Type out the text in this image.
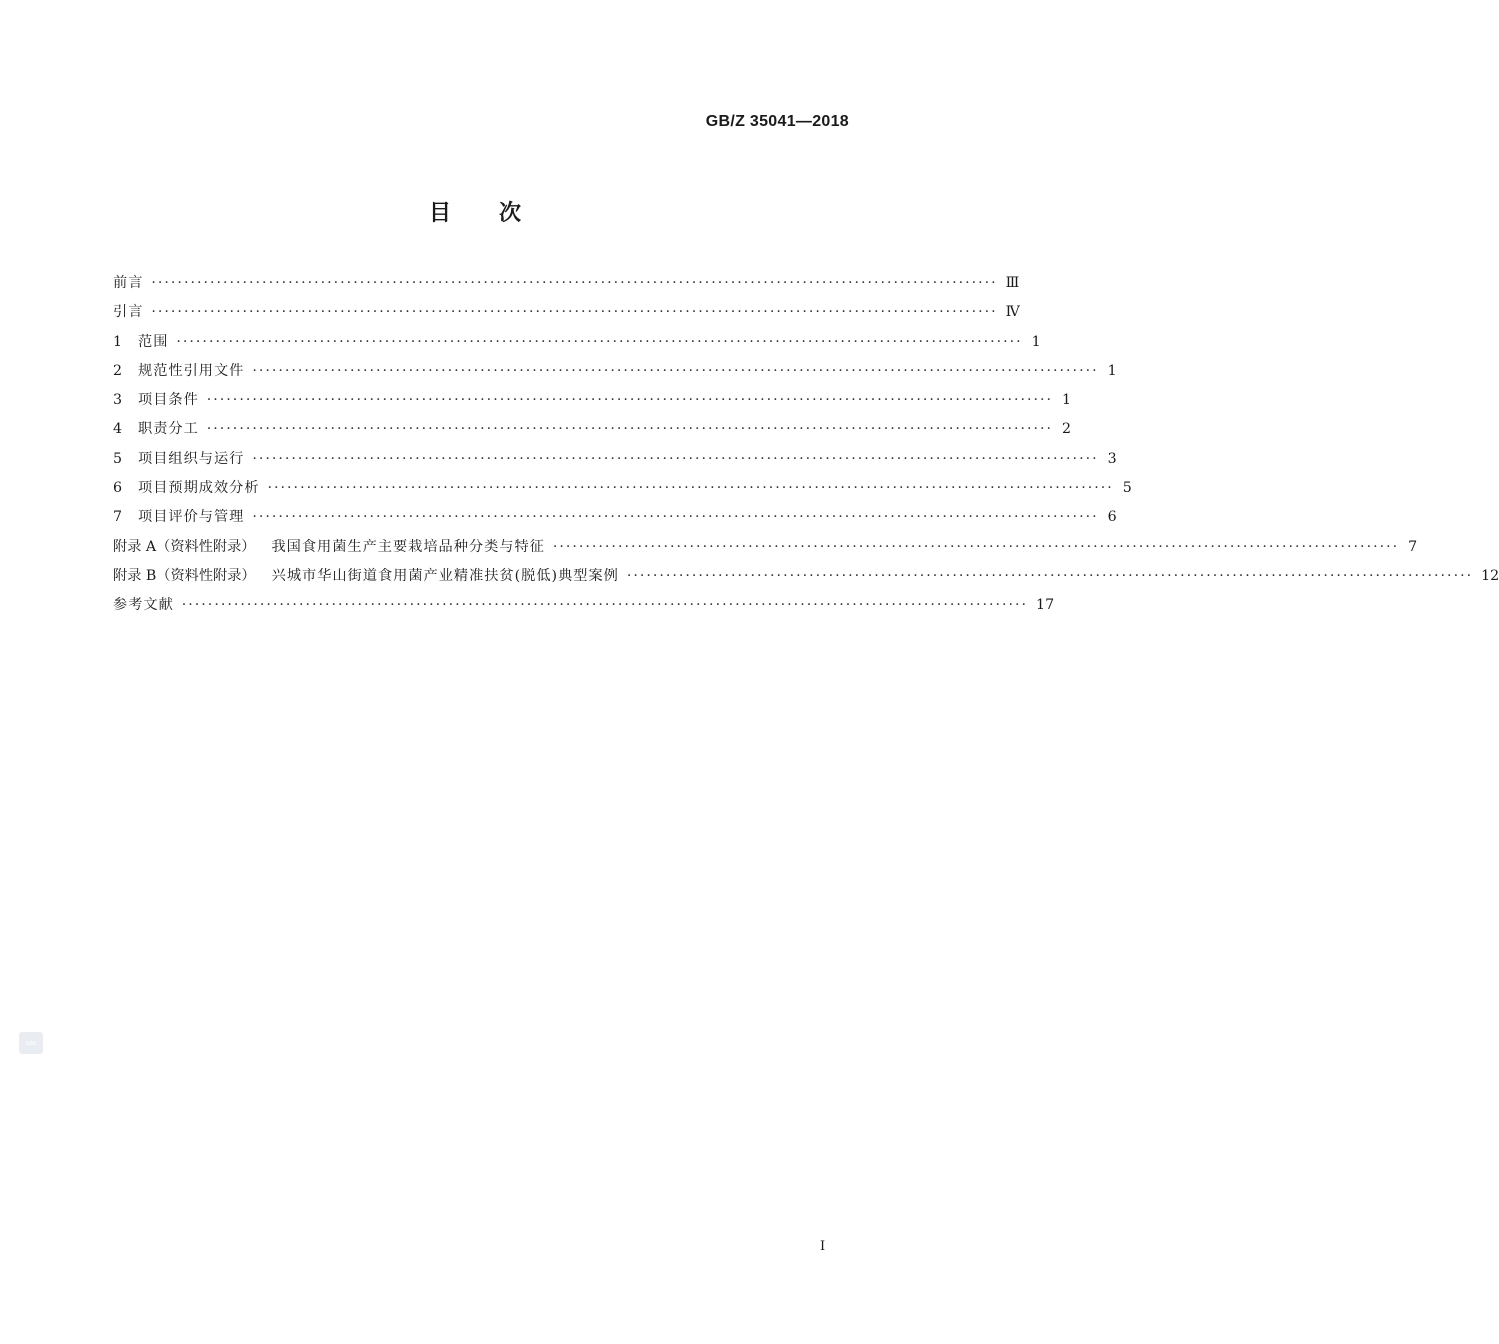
GB/Z 35041—2018
目 次
前言 ·································································································································· Ⅲ
引言 ·································································································································· Ⅳ
1	范围 ·································································································································· 1
2	规范性引用文件 ·································································································································· 1
3	项目条件 ·································································································································· 1
4	职责分工 ·································································································································· 2
5	项目组织与运行 ·································································································································· 3
6	项目预期成效分析 ·································································································································· 5
7	项目评价与管理 ·································································································································· 6
附录 A（资料性附录） 我国食用菌生产主要栽培品种分类与特征 ·································································································································· 7
附录 B（资料性附录） 兴城市华山街道食用菌产业精准扶贫(脱低)典型案例 ·································································································································· 12
参考文献 ·································································································································· 17
sac
I
